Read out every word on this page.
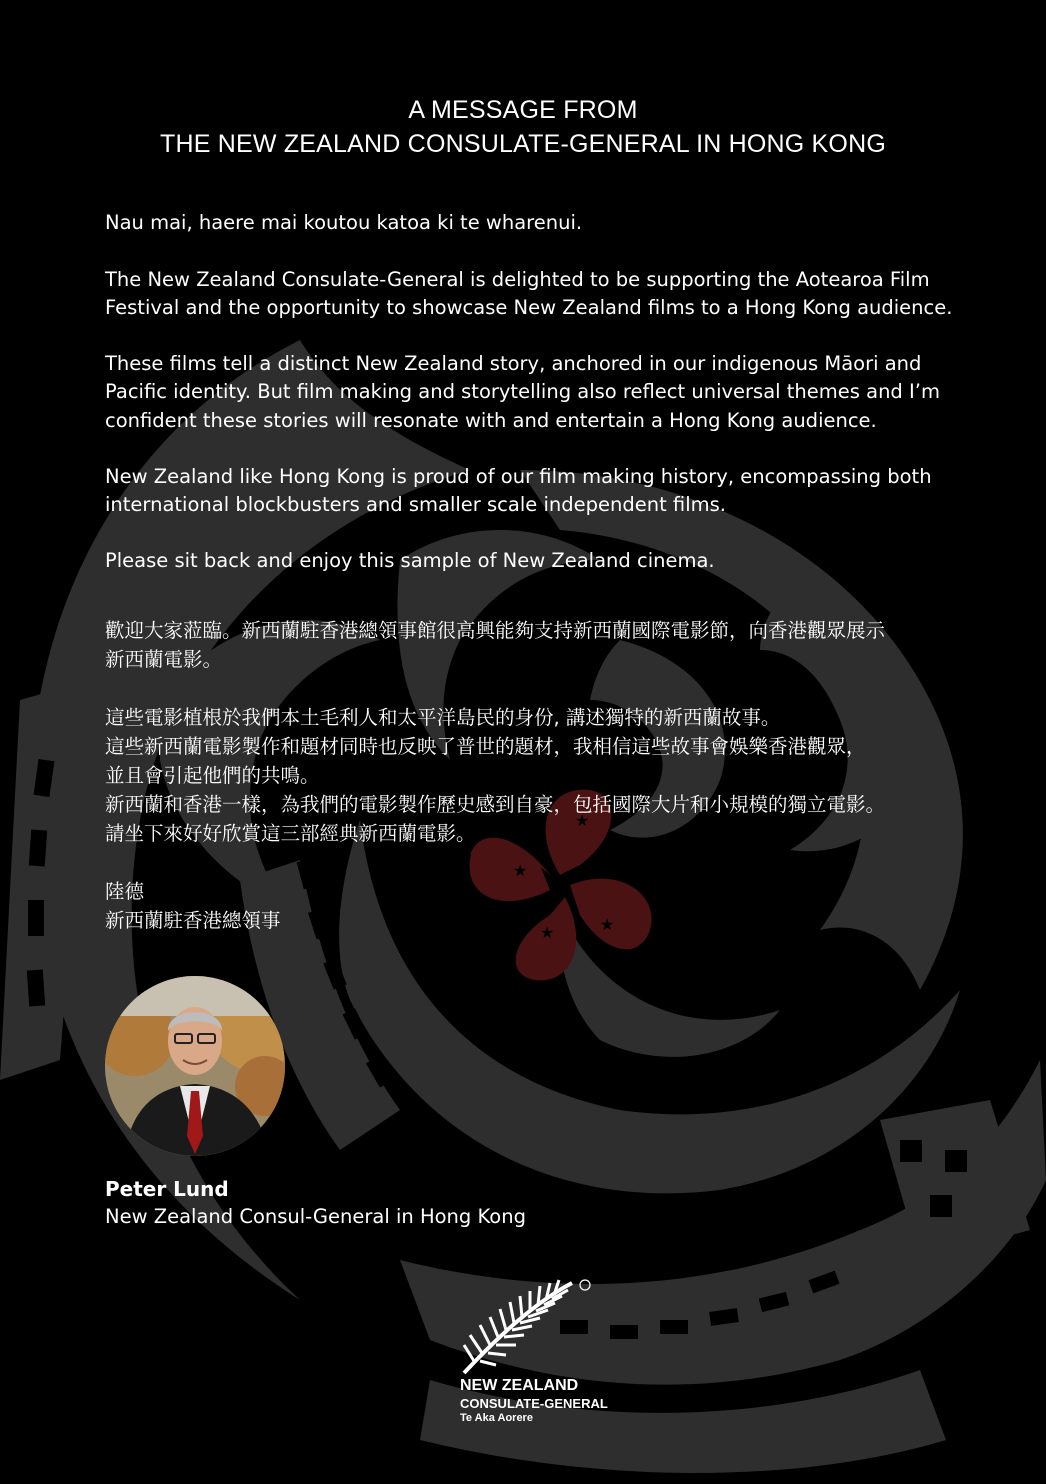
★
★
★
★
★
A MESSAGE FROM
THE NEW ZEALAND CONSULATE-GENERAL IN HONG KONG

Nau mai, haere mai koutou katoa ki te wharenui.

The New Zealand Consulate-General is delighted to be supporting the Aotearoa Film Festival and the opportunity to showcase New Zealand films to a Hong Kong audience.

These films tell a distinct New Zealand story, anchored in our indigenous Māori and Pacific identity. But film making and storytelling also reflect universal themes and I’m confident these stories will resonate with and entertain a Hong Kong audience.

New Zealand like Hong Kong is proud of our film making history, encompassing both international blockbusters and smaller scale independent films.

Please sit back and enjoy this sample of New Zealand cinema.

歡迎大家蒞臨。新西蘭駐香港總領事館很高興能夠支持新西蘭國際電影節，向香港觀眾展示
新西蘭電影。
這些電影植根於我們本土毛利人和太平洋島民的身份, 講述獨特的新西蘭故事。
這些新西蘭電影製作和題材同時也反映了普世的題材，我相信這些故事會娛樂香港觀眾，
並且會引起他們的共鳴。
新西蘭和香港一樣，為我們的電影製作歷史感到自豪，包括國際大片和小規模的獨立電影。
請坐下來好好欣賞這三部經典新西蘭電影。
陸德
新西蘭駐香港總領事

Peter Lund

New Zealand Consul-General in Hong Kong

NEW ZEALAND
CONSULATE-GENERAL
Te Aka Aorere
